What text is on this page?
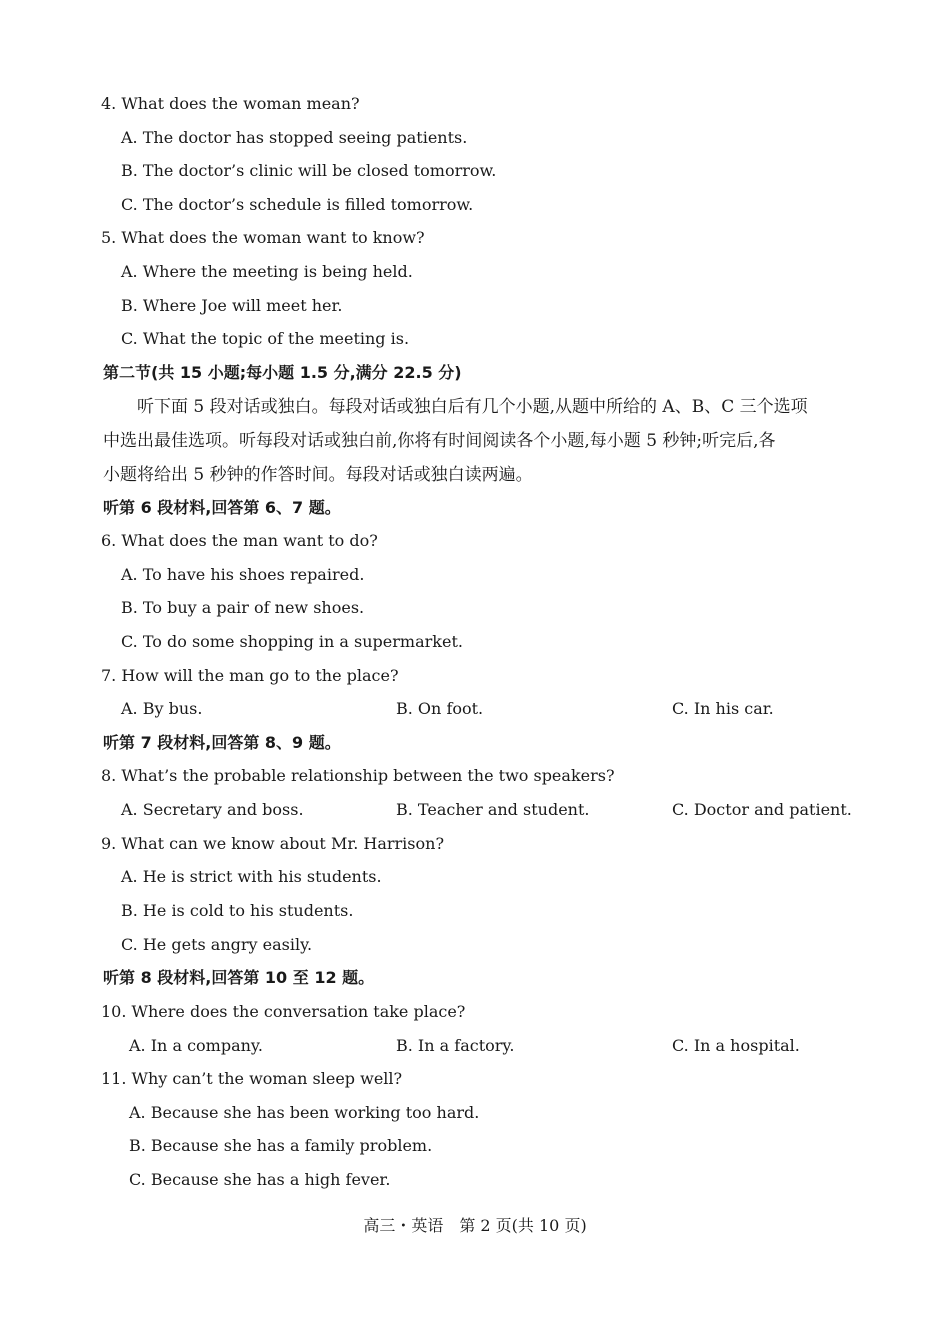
4. What does the woman mean?
A. The doctor has stopped seeing patients.
B. The doctor’s clinic will be closed tomorrow.
C. The doctor’s schedule is filled tomorrow.
5. What does the woman want to know?
A. Where the meeting is being held.
B. Where Joe will meet her.
C. What the topic of the meeting is.
第二节(共 15 小题;每小题 1.5 分,满分 22.5 分)
　　听下面 5 段对话或独白。每段对话或独白后有几个小题,从题中所给的 A、B、C 三个选项
中选出最佳选项。听每段对话或独白前,你将有时间阅读各个小题,每小题 5 秒钟;听完后,各
小题将给出 5 秒钟的作答时间。每段对话或独白读两遍。
听第 6 段材料,回答第 6、7 题。
6. What does the man want to do?
A. To have his shoes repaired.
B. To buy a pair of new shoes.
C. To do some shopping in a supermarket.
7. How will the man go to the place?
A. By bus.	B. On foot.	C. In his car.
听第 7 段材料,回答第 8、9 题。
8. What’s the probable relationship between the two speakers?
A. Secretary and boss.	B. Teacher and student.	C. Doctor and patient.
9. What can we know about Mr. Harrison?
A. He is strict with his students.
B. He is cold to his students.
C. He gets angry easily.
听第 8 段材料,回答第 10 至 12 题。
10. Where does the conversation take place?
A. In a company.	B. In a factory.	C. In a hospital.
11. Why can’t the woman sleep well?
A. Because she has been working too hard.
B. Because she has a family problem.
C. Because she has a high fever.
高三・英语　第 2 页(共 10 页)
